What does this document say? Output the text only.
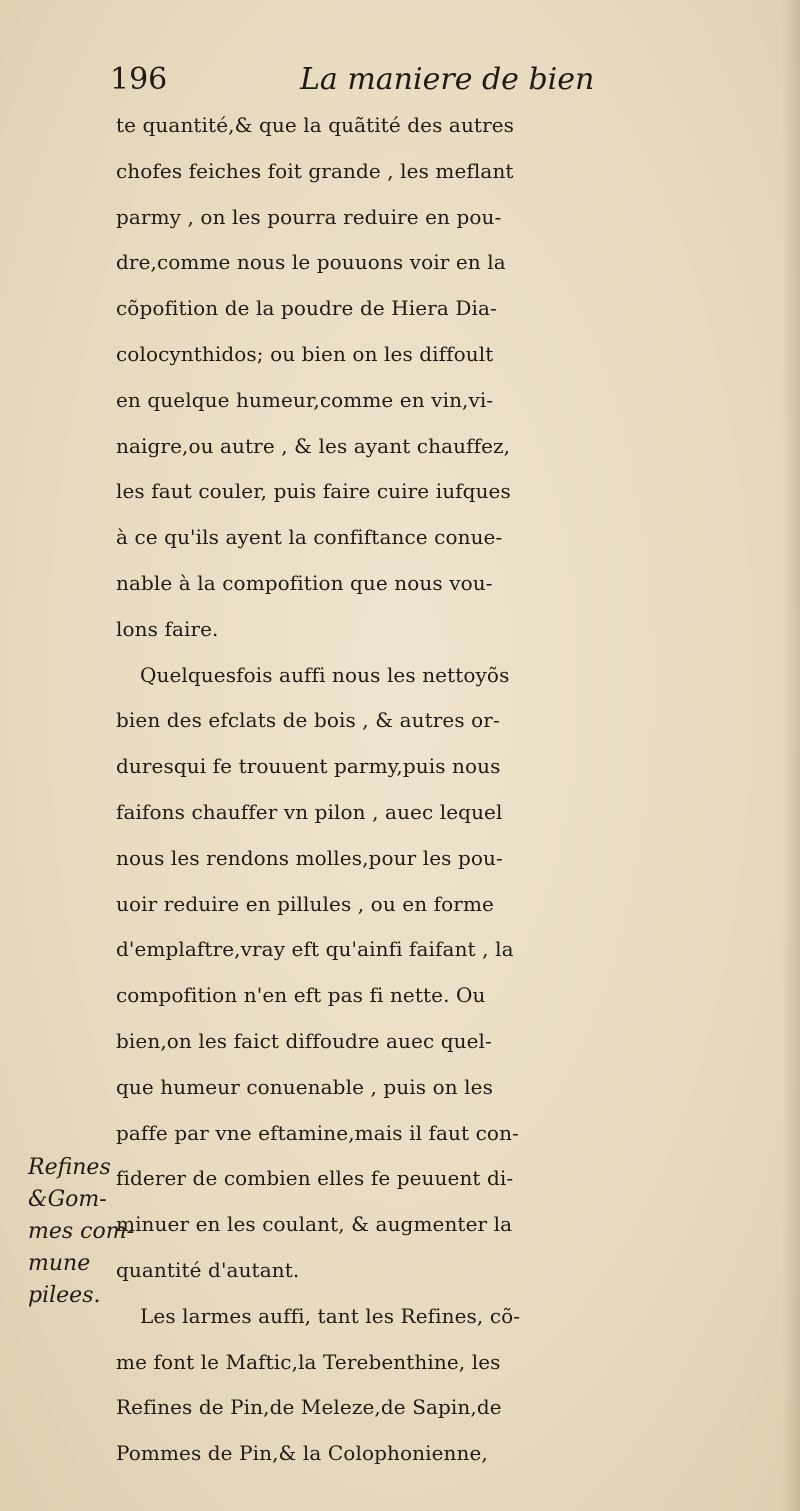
196	La maniere de bien
te quantité,& que la quãtité des autres
chofes feiches foit grande , les meflant
parmy , on les pourra reduire en pou-
dre,comme nous le pouuons voir en la
cõpofition de la poudre de Hiera Dia-
colocynthidos; ou bien on les diffoult
en quelque humeur,comme en vin,vi-
naigre,ou autre , & les ayant chauffez,
les faut couler, puis faire cuire iufques
à ce qu'ils ayent la confiftance conue-
nable à la compofition que nous vou-
lons faire.
Quelquesfois auffi nous les nettoyõs
bien des efclats de bois , & autres or-
duresqui fe trouuent parmy,puis nous
faifons chauffer vn pilon , auec lequel
nous les rendons molles,pour les pou-
uoir reduire en pillules , ou en forme
d'emplaftre,vray eft qu'ainfi faifant , la
compofition n'en eft pas fi nette. Ou
bien,on les faict diffoudre auec quel-
que humeur conuenable , puis on les
paffe par vne eftamine,mais il faut con-
fiderer de combien elles fe peuuent di-
minuer en les coulant, & augmenter la
quantité d'autant.
Les larmes auffi, tant les Refines, cõ-
me font le Maftic,la Terebenthine, les
Refines de Pin,de Meleze,de Sapin,de
Pommes de Pin,& la Colophonienne,
Refines
&Gom-
mes com-
mune
pilees.
